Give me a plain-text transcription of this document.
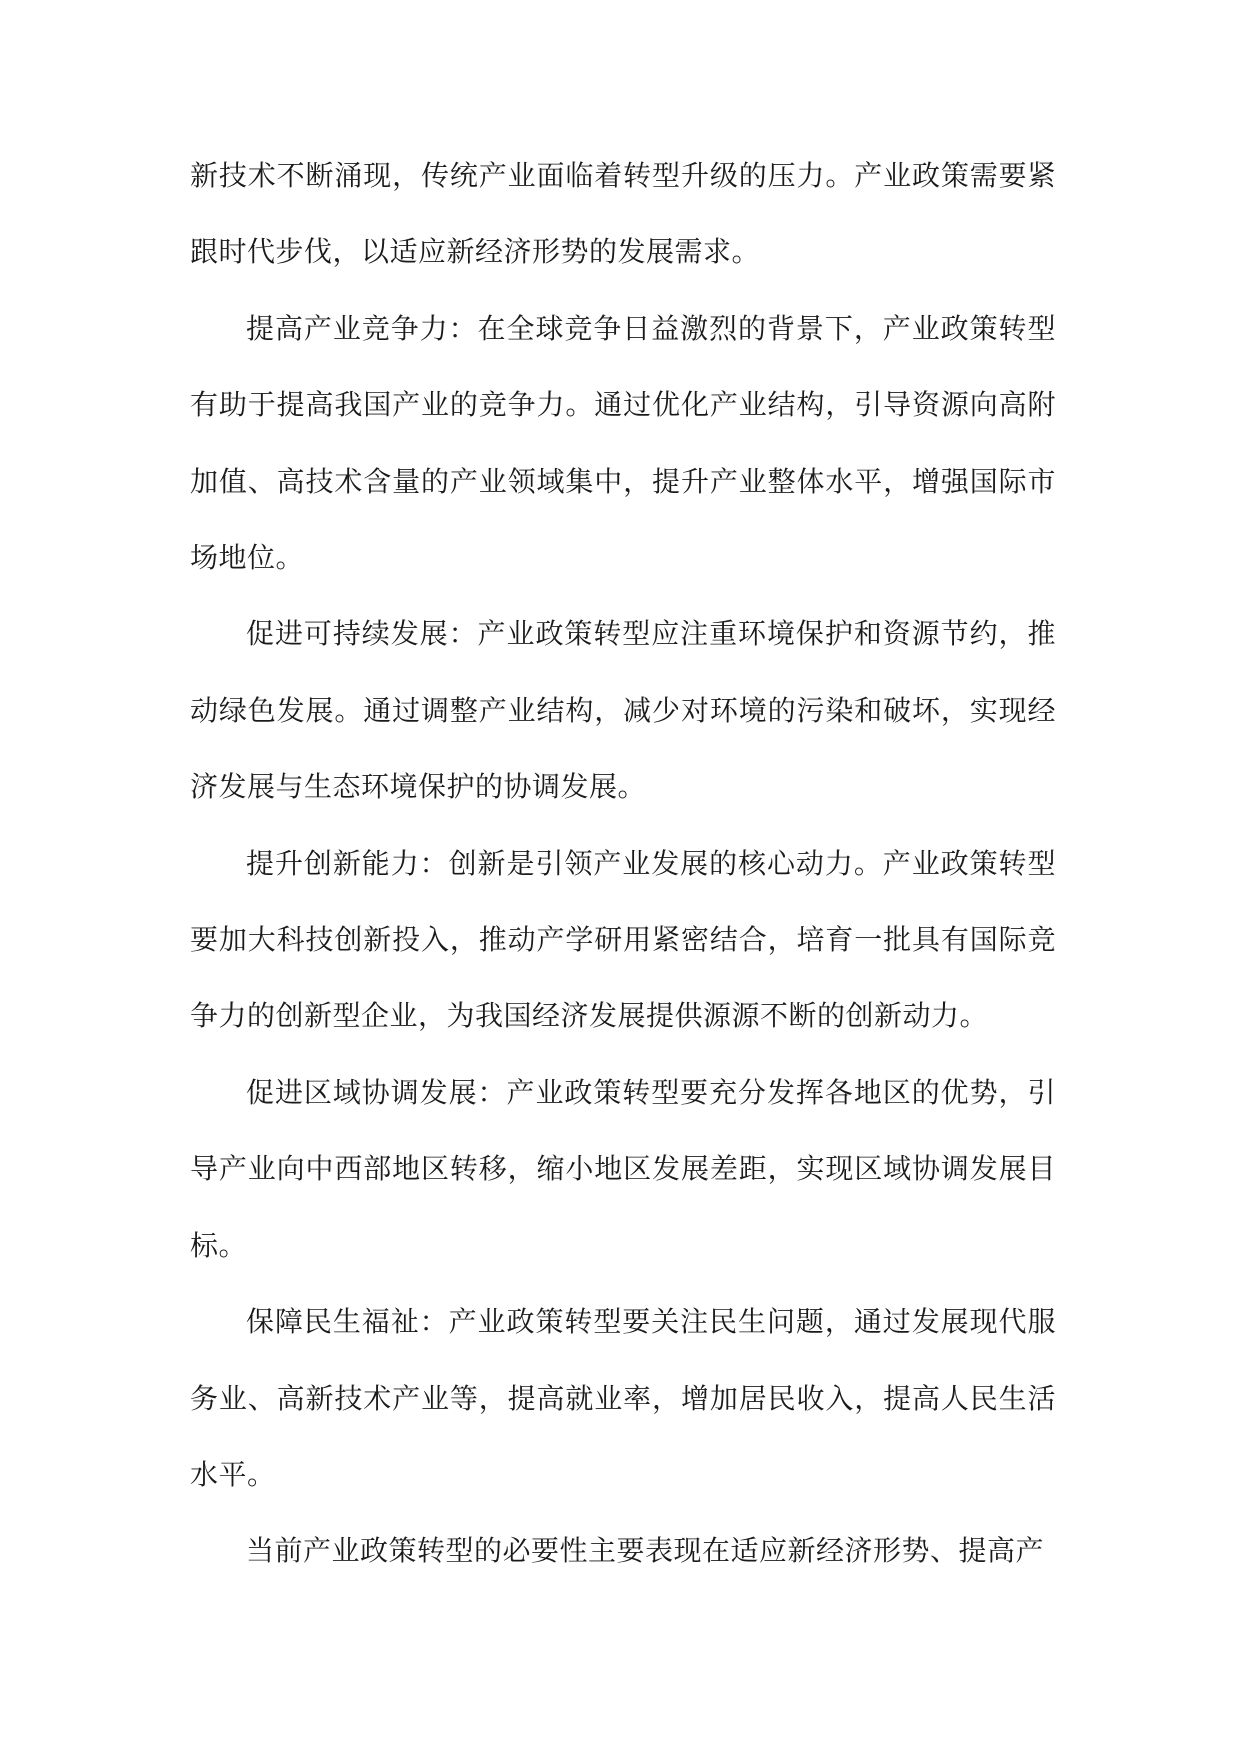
新技术不断涌现，传统产业面临着转型升级的压力。产业政策需要紧跟时代步伐，以适应新经济形势的发展需求。

提高产业竞争力：在全球竞争日益激烈的背景下，产业政策转型有助于提高我国产业的竞争力。通过优化产业结构，引导资源向高附加值、高技术含量的产业领域集中，提升产业整体水平，增强国际市场地位。

促进可持续发展：产业政策转型应注重环境保护和资源节约，推动绿色发展。通过调整产业结构，减少对环境的污染和破坏，实现经济发展与生态环境保护的协调发展。

提升创新能力：创新是引领产业发展的核心动力。产业政策转型要加大科技创新投入，推动产学研用紧密结合，培育一批具有国际竞争力的创新型企业，为我国经济发展提供源源不断的创新动力。

促进区域协调发展：产业政策转型要充分发挥各地区的优势，引导产业向中西部地区转移，缩小地区发展差距，实现区域协调发展目标。

保障民生福祉：产业政策转型要关注民生问题，通过发展现代服务业、高新技术产业等，提高就业率，增加居民收入，提高人民生活水平。

当前产业政策转型的必要性主要表现在适应新经济形势、提高产
